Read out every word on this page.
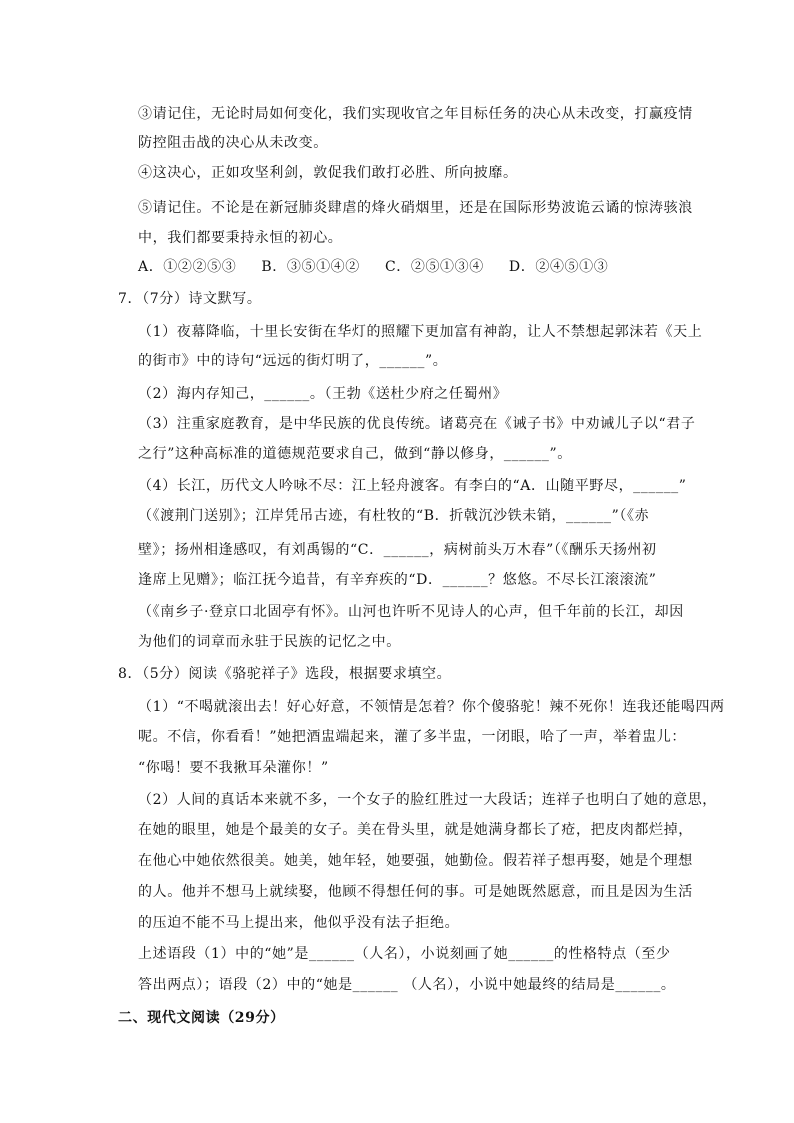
③请记住，无论时局如何变化，我们实现收官之年目标任务的决心从未改变，打赢疫情
防控阻击战的决心从未改变。
④这决心，正如攻坚利剑，敦促我们敢打必胜、所向披靡。
⑤请记住。不论是在新冠肺炎肆虐的烽火硝烟里，还是在国际形势波诡云谲的惊涛骇浪
中，我们都要秉持永恒的初心。
A．①②②⑤③ B．③⑤①④② C．②⑤①③④ D．②④⑤①③
7．（7分）诗文默写。
（1）夜幕降临，十里长安街在华灯的照耀下更加富有神韵，让人不禁想起郭沫若《天上
的街市》中的诗句“远远的街灯明了，______”。
（2）海内存知己，______。（王勃《送杜少府之任蜀州》
（3）注重家庭教育，是中华民族的优良传统。诸葛亮在《诫子书》中劝诫儿子以“君子
之行”这种高标准的道德规范要求自己，做到“静以修身，______”。
（4）长江，历代文人吟咏不尽：江上轻舟渡客。有李白的“A．山随平野尽，______”
（《渡荆门送别》；江岸凭吊古迹，有杜牧的“B．折戟沉沙铁未销，______”（《赤
壁》；扬州相逢感叹，有刘禹锡的“C．______，病树前头万木春”（《酬乐天扬州初
逢席上见赠》；临江抚今追昔，有辛弃疾的“D．______？悠悠。不尽长江滚滚流”
（《南乡子·登京口北固亭有怀》。山河也许听不见诗人的心声，但千年前的长江，却因
为他们的词章而永驻于民族的记忆之中。
8．（5分）阅读《骆驼祥子》选段，根据要求填空。
（1）“不喝就滚出去！好心好意，不领情是怎着？你个傻骆驼！辣不死你！连我还能喝四两
呢。不信，你看看！”她把酒盅端起来，灌了多半盅，一闭眼，哈了一声，举着盅儿：
“你喝！要不我揪耳朵灌你！”
（2）人间的真话本来就不多，一个女子的脸红胜过一大段话；连祥子也明白了她的意思，
在她的眼里，她是个最美的女子。美在骨头里，就是她满身都长了疮，把皮肉都烂掉，
在他心中她依然很美。她美，她年轻，她要强，她勤俭。假若祥子想再娶，她是个理想
的人。他并不想马上就续娶，他顾不得想任何的事。可是她既然愿意，而且是因为生活
的压迫不能不马上提出来，他似乎没有法子拒绝。
上述语段（1）中的“她”是______（人名），小说刻画了她______的性格特点（至少
答出两点）；语段（2）中的“她是______ （人名），小说中她最终的结局是______。
二、现代文阅读（29分）
